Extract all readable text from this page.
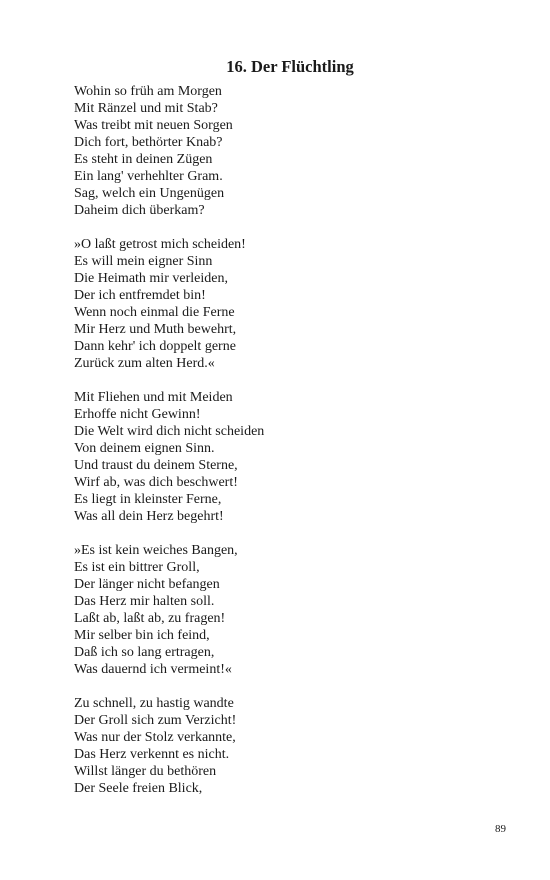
16. Der Flüchtling
Wohin so früh am Morgen
Mit Ränzel und mit Stab?
Was treibt mit neuen Sorgen
Dich fort, bethörter Knab?
Es steht in deinen Zügen
Ein lang' verhehlter Gram.
Sag, welch ein Ungenügen
Daheim dich überkam?
»O laßt getrost mich scheiden!
Es will mein eigner Sinn
Die Heimath mir verleiden,
Der ich entfremdet bin!
Wenn noch einmal die Ferne
Mir Herz und Muth bewehrt,
Dann kehr' ich doppelt gerne
Zurück zum alten Herd.«
Mit Fliehen und mit Meiden
Erhoffe nicht Gewinn!
Die Welt wird dich nicht scheiden
Von deinem eignen Sinn.
Und traust du deinem Sterne,
Wirf ab, was dich beschwert!
Es liegt in kleinster Ferne,
Was all dein Herz begehrt!
»Es ist kein weiches Bangen,
Es ist ein bittrer Groll,
Der länger nicht befangen
Das Herz mir halten soll.
Laßt ab, laßt ab, zu fragen!
Mir selber bin ich feind,
Daß ich so lang ertragen,
Was dauernd ich vermeint!«
Zu schnell, zu hastig wandte
Der Groll sich zum Verzicht!
Was nur der Stolz verkannte,
Das Herz verkennt es nicht.
Willst länger du bethören
Der Seele freien Blick,
89
